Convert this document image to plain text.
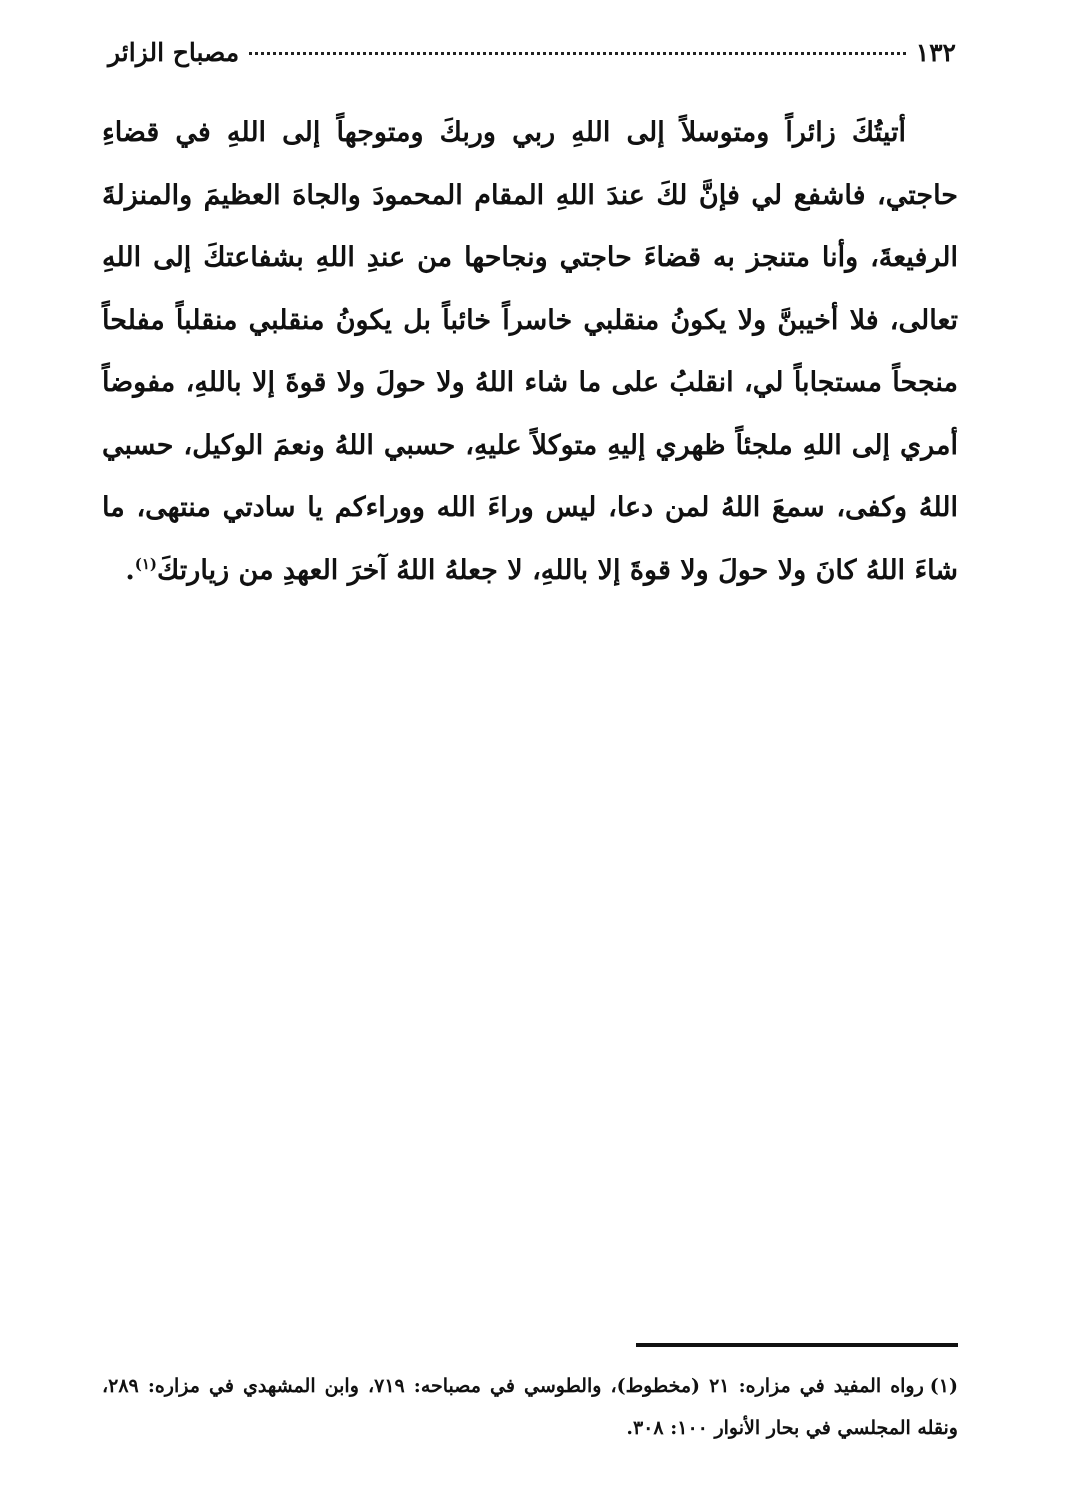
١٣٢
مصباح الزائر

أتيتُكَ زائراً ومتوسلاً إلى اللهِ ربي وربكَ ومتوجهاً إلى اللهِ في قضاءِ حاجتي، فاشفع لي فإنَّ لكَ عندَ اللهِ المقام المحمودَ والجاهَ العظيمَ والمنزلةَ الرفيعةَ، وأنا متنجز به قضاءَ حاجتي ونجاحها من عندِ اللهِ بشفاعتكَ إلى اللهِ تعالى، فلا أخيبنَّ ولا يكونُ منقلبي خاسراً خائباً بل يكونُ منقلبي منقلباً مفلحاً منجحاً مستجاباً لي، انقلبُ على ما شاء اللهُ ولا حولَ ولا قوةَ إلا باللهِ، مفوضاً أمري إلى اللهِ ملجئاً ظهري إليهِ متوكلاً عليهِ، حسبي اللهُ ونعمَ الوكيل، حسبي اللهُ وكفى، سمعَ اللهُ لمن دعا، ليس وراءَ الله ووراءكم يا سادتي منتهى، ما شاءَ اللهُ كانَ ولا حولَ ولا قوةَ إلا باللهِ، لا جعلهُ اللهُ آخرَ العهدِ من زيارتكَ$^{(١)}$.

(١)رواه المفيد في مزاره: ٢١ (مخطوط)، والطوسي في مصباحه: ٧١٩، وابن المشهدي في مزاره: ٢٨٩، ونقله المجلسي في بحار الأنوار ١٠٠: ٣٠٨.
